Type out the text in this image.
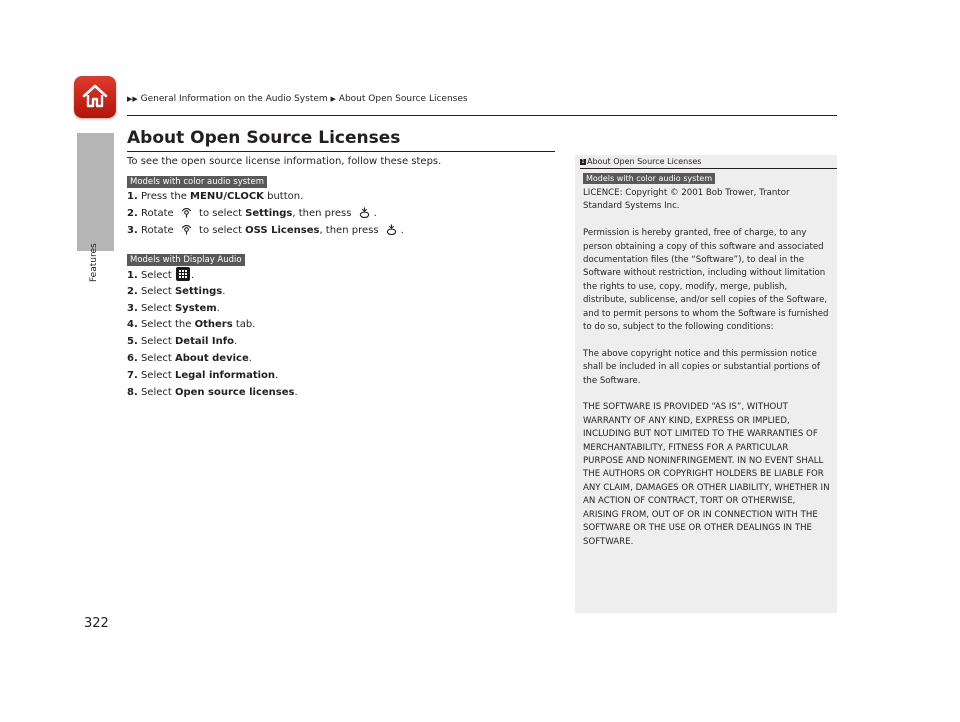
▶▶ General Information on the Audio System ▶ About Open Source Licenses
Features
322
About Open Source Licenses
To see the open source license information, follow these steps.
Models with color audio system
1. Press the MENU/CLOCK button.
2. Rotate  to select Settings, then press .
3. Rotate  to select OSS Licenses, then press .
Models with Display Audio
1. Select
.
2. Select Settings.
3. Select System.
4. Select the Others tab.
5. Select Detail Info.
6. Select About device.
7. Select Legal information.
8. Select Open source licenses.
1 About Open Source Licenses
Models with color audio system

LICENCE: Copyright © 2001 Bob Trower, Trantor Standard Systems Inc.

Permission is hereby granted, free of charge, to any person obtaining a copy of this software and associated documentation files (the “Software”), to deal in the Software without restriction, including without limitation the rights to use, copy, modify, merge, publish, distribute, sublicense, and/or sell copies of the Software, and to permit persons to whom the Software is furnished to do so, subject to the following conditions:

The above copyright notice and this permission notice shall be included in all copies or substantial portions of the Software.

THE SOFTWARE IS PROVIDED “AS IS”, WITHOUT WARRANTY OF ANY KIND, EXPRESS OR IMPLIED, INCLUDING BUT NOT LIMITED TO THE WARRANTIES OF MERCHANTABILITY, FITNESS FOR A PARTICULAR PURPOSE AND NONINFRINGEMENT. IN NO EVENT SHALL THE AUTHORS OR COPYRIGHT HOLDERS BE LIABLE FOR ANY CLAIM, DAMAGES OR OTHER LIABILITY, WHETHER IN AN ACTION OF CONTRACT, TORT OR OTHERWISE, ARISING FROM, OUT OF OR IN CONNECTION WITH THE SOFTWARE OR THE USE OR OTHER DEALINGS IN THE SOFTWARE.
